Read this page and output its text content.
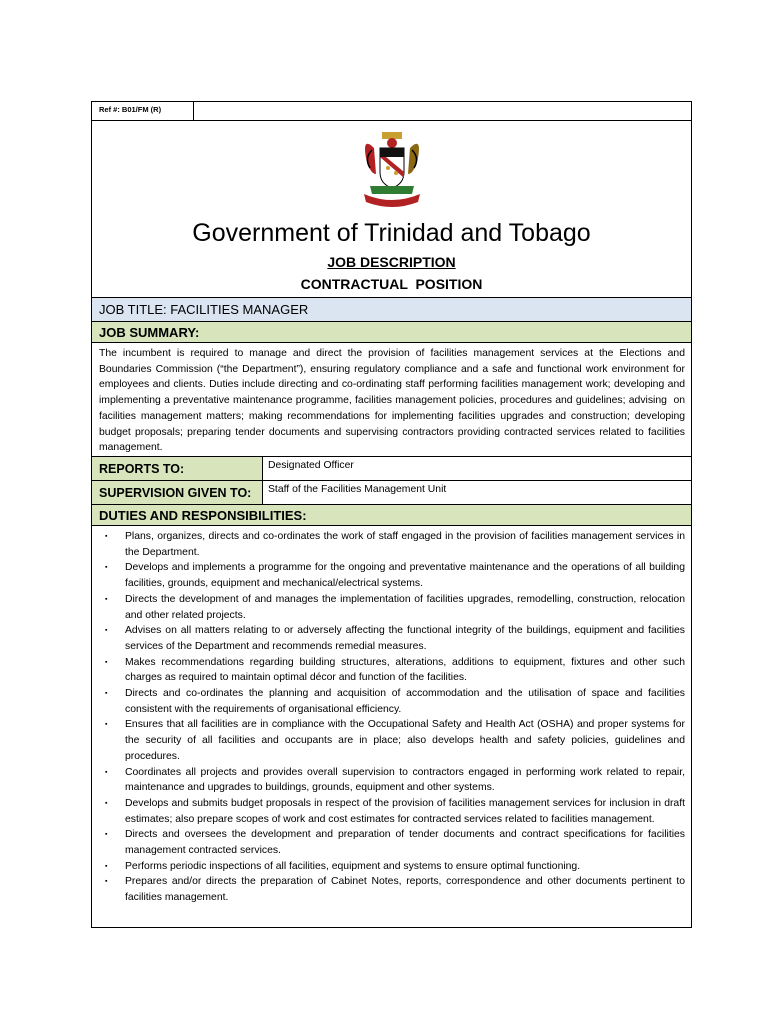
Ref #: B01/FM (R)
Government of Trinidad and Tobago
JOB DESCRIPTION
CONTRACTUAL  POSITION
JOB TITLE: FACILITIES MANAGER
JOB SUMMARY:
The incumbent is required to manage and direct the provision of facilities management services at the Elections and Boundaries Commission (“the Department”), ensuring regulatory compliance and a safe and functional work environment for employees and clients. Duties include directing and co-ordinating staff performing facilities management work; developing and implementing a preventative maintenance programme, facilities management policies, procedures and guidelines; advising  on facilities management matters; making recommendations for implementing facilities upgrades and construction; developing budget proposals; preparing tender documents and supervising contractors providing contracted services related to facilities management.
REPORTS TO:	Designated Officer
SUPERVISION GIVEN TO:	Staff of the Facilities Management Unit
DUTIES AND RESPONSIBILITIES:
▪ Plans, organizes, directs and co-ordinates the work of staff engaged in the provision of facilities management services in the Department.
▪ Develops and implements a programme for the ongoing and preventative maintenance and the operations of all building facilities, grounds, equipment and mechanical/electrical systems.
▪ Directs the development of and manages the implementation of facilities upgrades, remodelling, construction, relocation and other related projects.
▪ Advises on all matters relating to or adversely affecting the functional integrity of the buildings, equipment and facilities services of the Department and recommends remedial measures.
▪ Makes recommendations regarding building structures, alterations, additions to equipment, fixtures and other such charges as required to maintain optimal décor and function of the facilities.
▪ Directs and co-ordinates the planning and acquisition of accommodation and the utilisation of space and facilities consistent with the requirements of organisational efficiency.
▪ Ensures that all facilities are in compliance with the Occupational Safety and Health Act (OSHA) and proper systems for the security of all facilities and occupants are in place; also develops health and safety policies, guidelines and procedures.
▪ Coordinates all projects and provides overall supervision to contractors engaged in performing work related to repair, maintenance and upgrades to buildings, grounds, equipment and other systems.
▪ Develops and submits budget proposals in respect of the provision of facilities management services for inclusion in draft estimates; also prepare scopes of work and cost estimates for contracted services related to facilities management.
▪ Directs and oversees the development and preparation of tender documents and contract specifications for facilities management contracted services.
▪ Performs periodic inspections of all facilities, equipment and systems to ensure optimal functioning.
▪ Prepares and/or directs the preparation of Cabinet Notes, reports, correspondence and other documents pertinent to facilities management.
